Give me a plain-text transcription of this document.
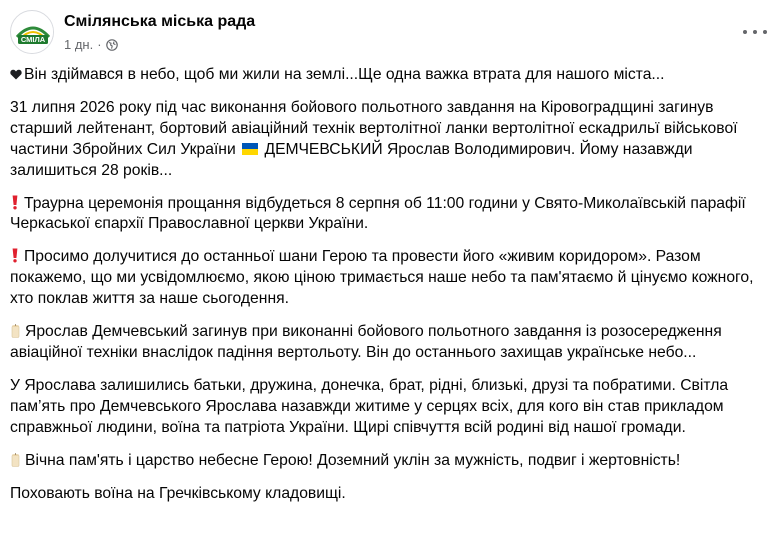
СМІЛА
Смілянська міська рада
1 дн. ·

Він здіймався в небо, щоб ми жили на землі...Ще одна важка втрата для нашого міста...

31 липня 2026 року під час виконання бойового польотного завдання на Кіровоградщині загинув старший лейтенант, бортовий авіаційний технік вертолітної ланки вертолітної ескадрильї військової частини Збройних Сил України ДЕМЧЕВСЬКИЙ Ярослав Володимирович. Йому назавжди залишиться 28 років...

Траурна церемонія прощання відбудеться 8 серпня об 11:00 години у Свято-Миколаївській парафії Черкаської єпархії Православної церкви України.

Просимо долучитися до останньої шани Герою та провести його «живим коридором». Разом покажемо, що ми усвідомлюємо, якою ціною тримається наше небо та пам'ятаємо й цінуємо кожного, хто поклав життя за наше сьогодення.

Ярослав Демчевський загинув при виконанні бойового польотного завдання із розосередження авіаційної техніки внаслідок падіння вертольоту. Він до останнього захищав українське небо...

У Ярослава залишились батьки, дружина, донечка, брат, рідні, близькі, друзі та побратими. Світла пам’ять про Демчевського Ярослава назавжди житиме у серцях всіх, для кого він став прикладом справжньої людини, воїна та патріота України. Щирі співчуття всій родині від нашої громади.

Вічна пам'ять і царство небесне Герою! Доземний уклін за мужність, подвиг і жертовність!

Поховають воїна на Гречківському кладовищі.
